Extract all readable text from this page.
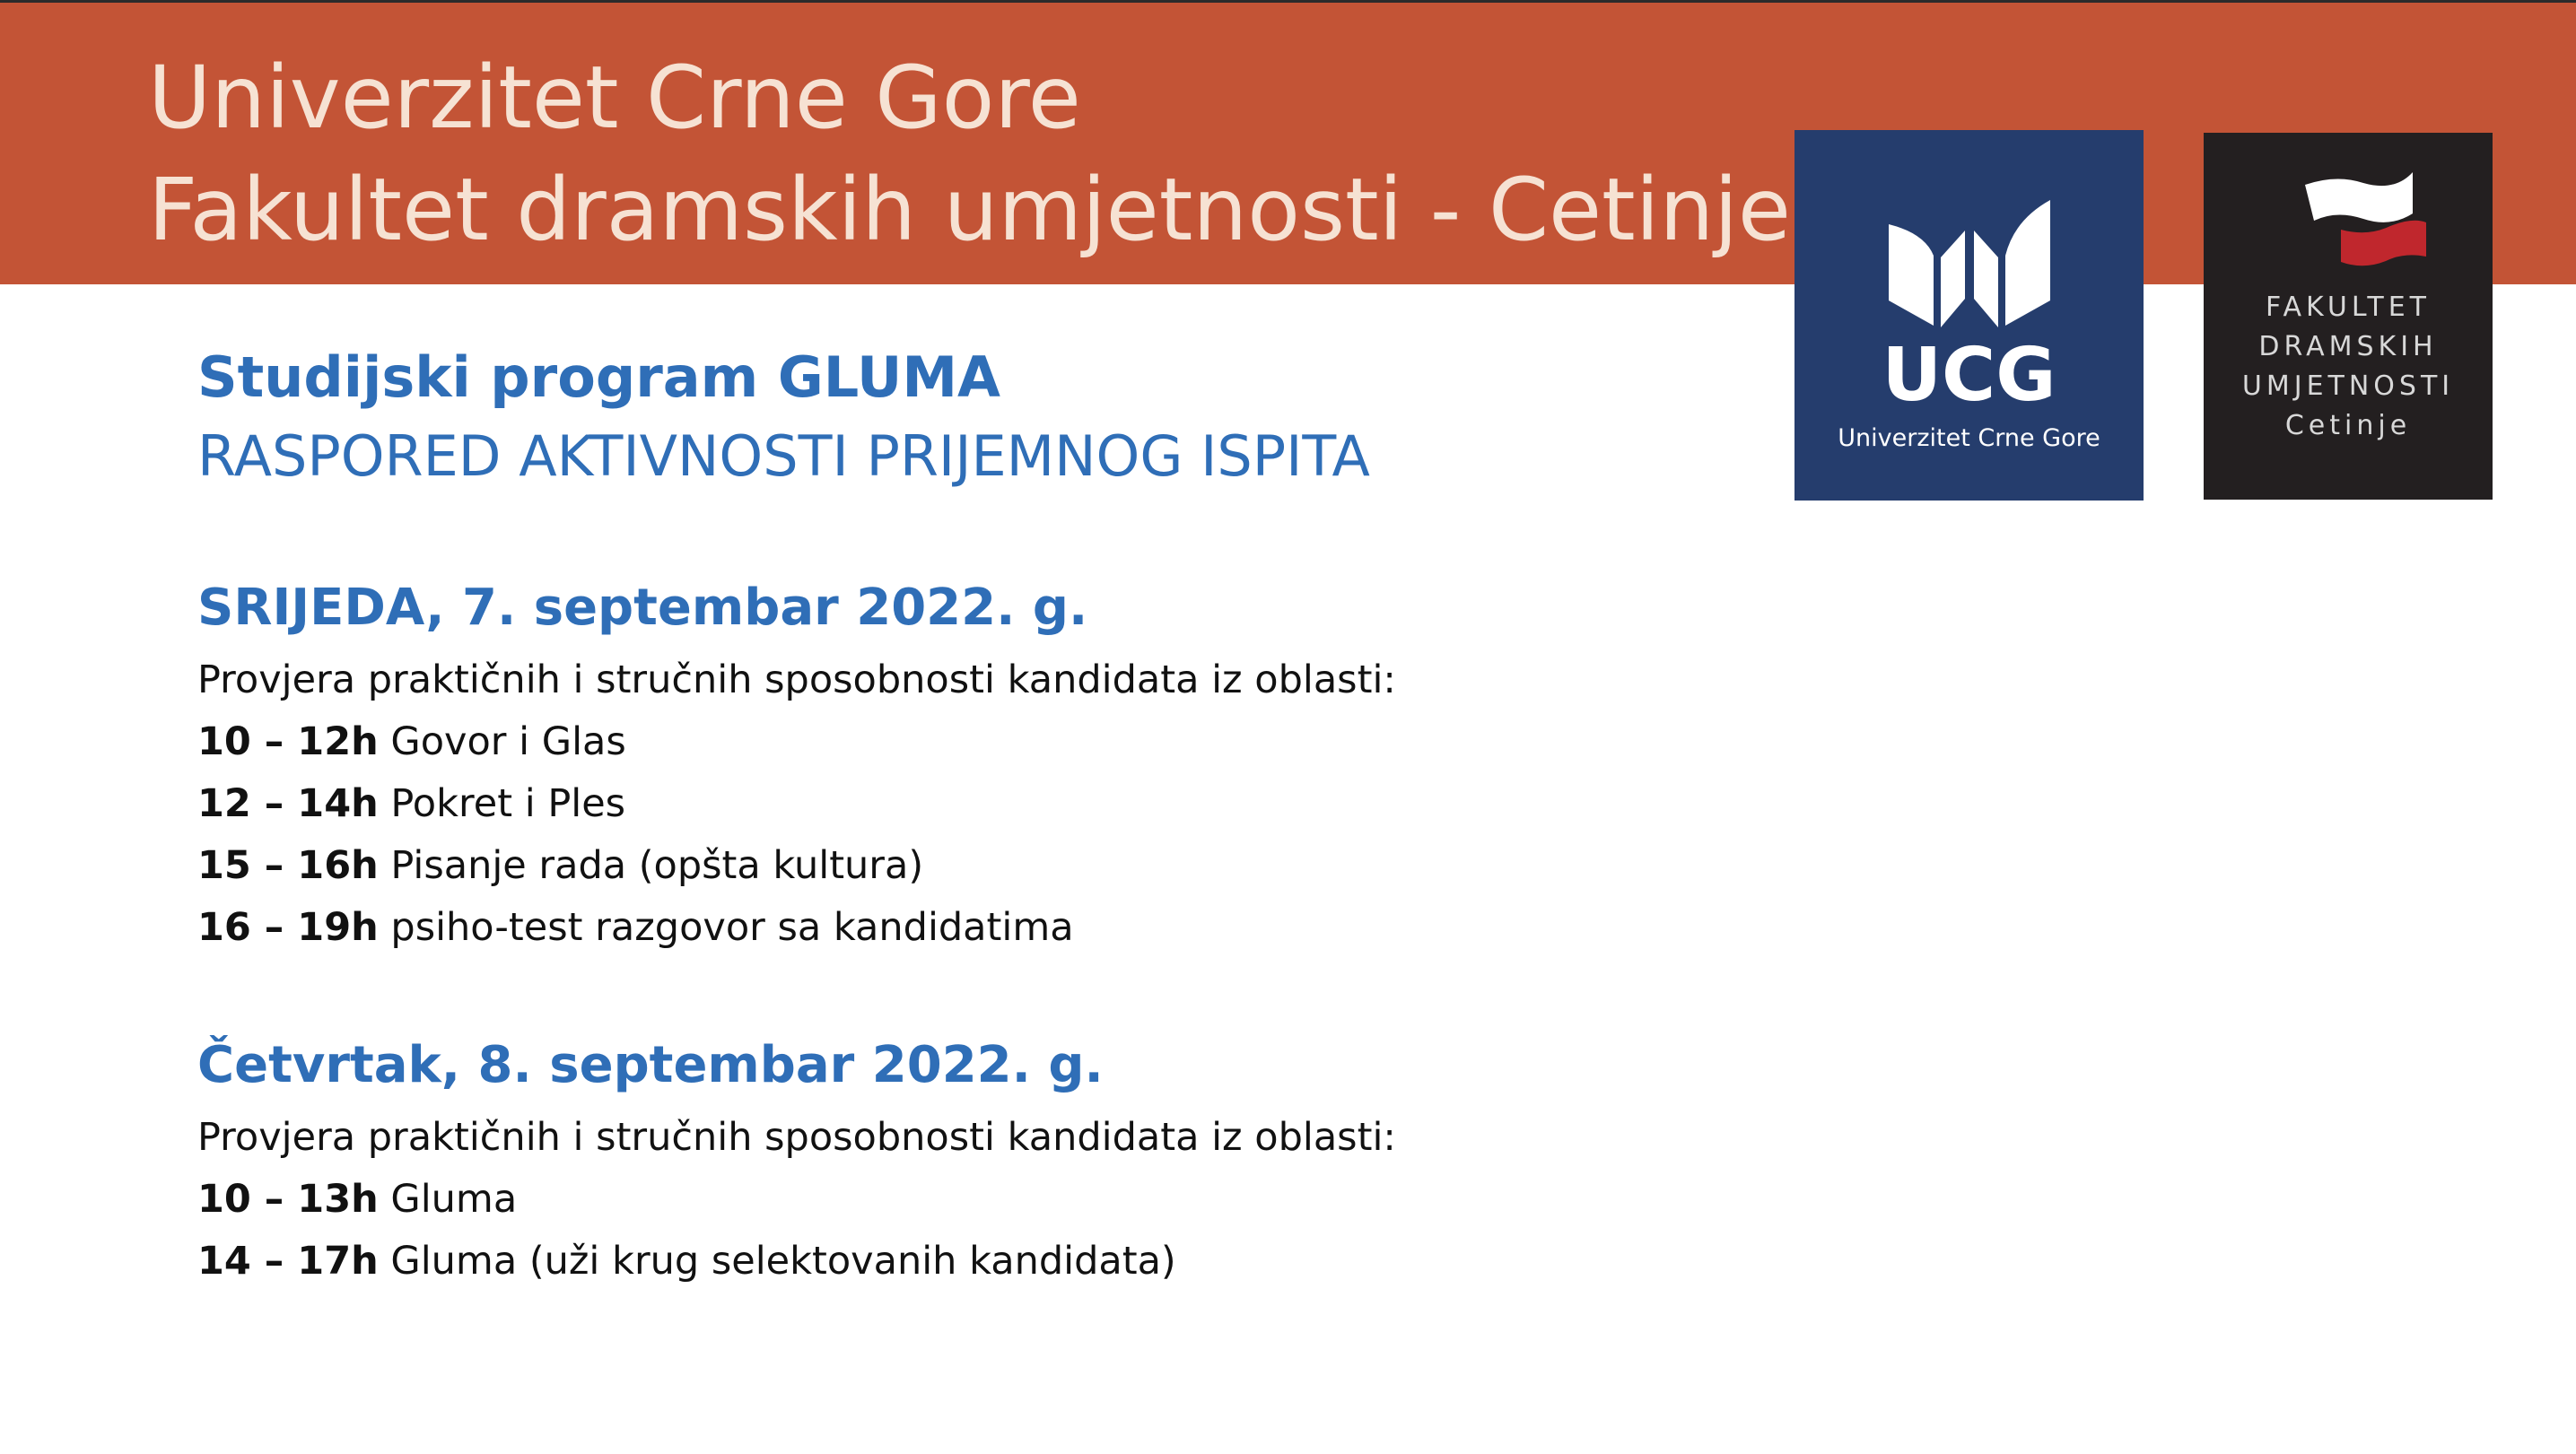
Univerzitet Crne Gore
Fakultet dramskih umjetnosti - Cetinje
UCG
Univerzitet Crne Gore
FAKULTET
DRAMSKIH
UMJETNOSTI
Cetinje
Studijski program GLUMA
RASPORED AKTIVNOSTI PRIJEMNOG ISPITA
SRIJEDA, 7. septembar 2022. g.
Provjera praktičnih i stručnih sposobnosti kandidata iz oblasti:
10 – 12h Govor i Glas
12 – 14h Pokret i Ples
15 – 16h Pisanje rada (opšta kultura)
16 – 19h psiho-test razgovor sa kandidatima
Četvrtak, 8. septembar 2022. g.
Provjera praktičnih i stručnih sposobnosti kandidata iz oblasti:
10 – 13h Gluma
14 – 17h Gluma (uži krug selektovanih kandidata)
